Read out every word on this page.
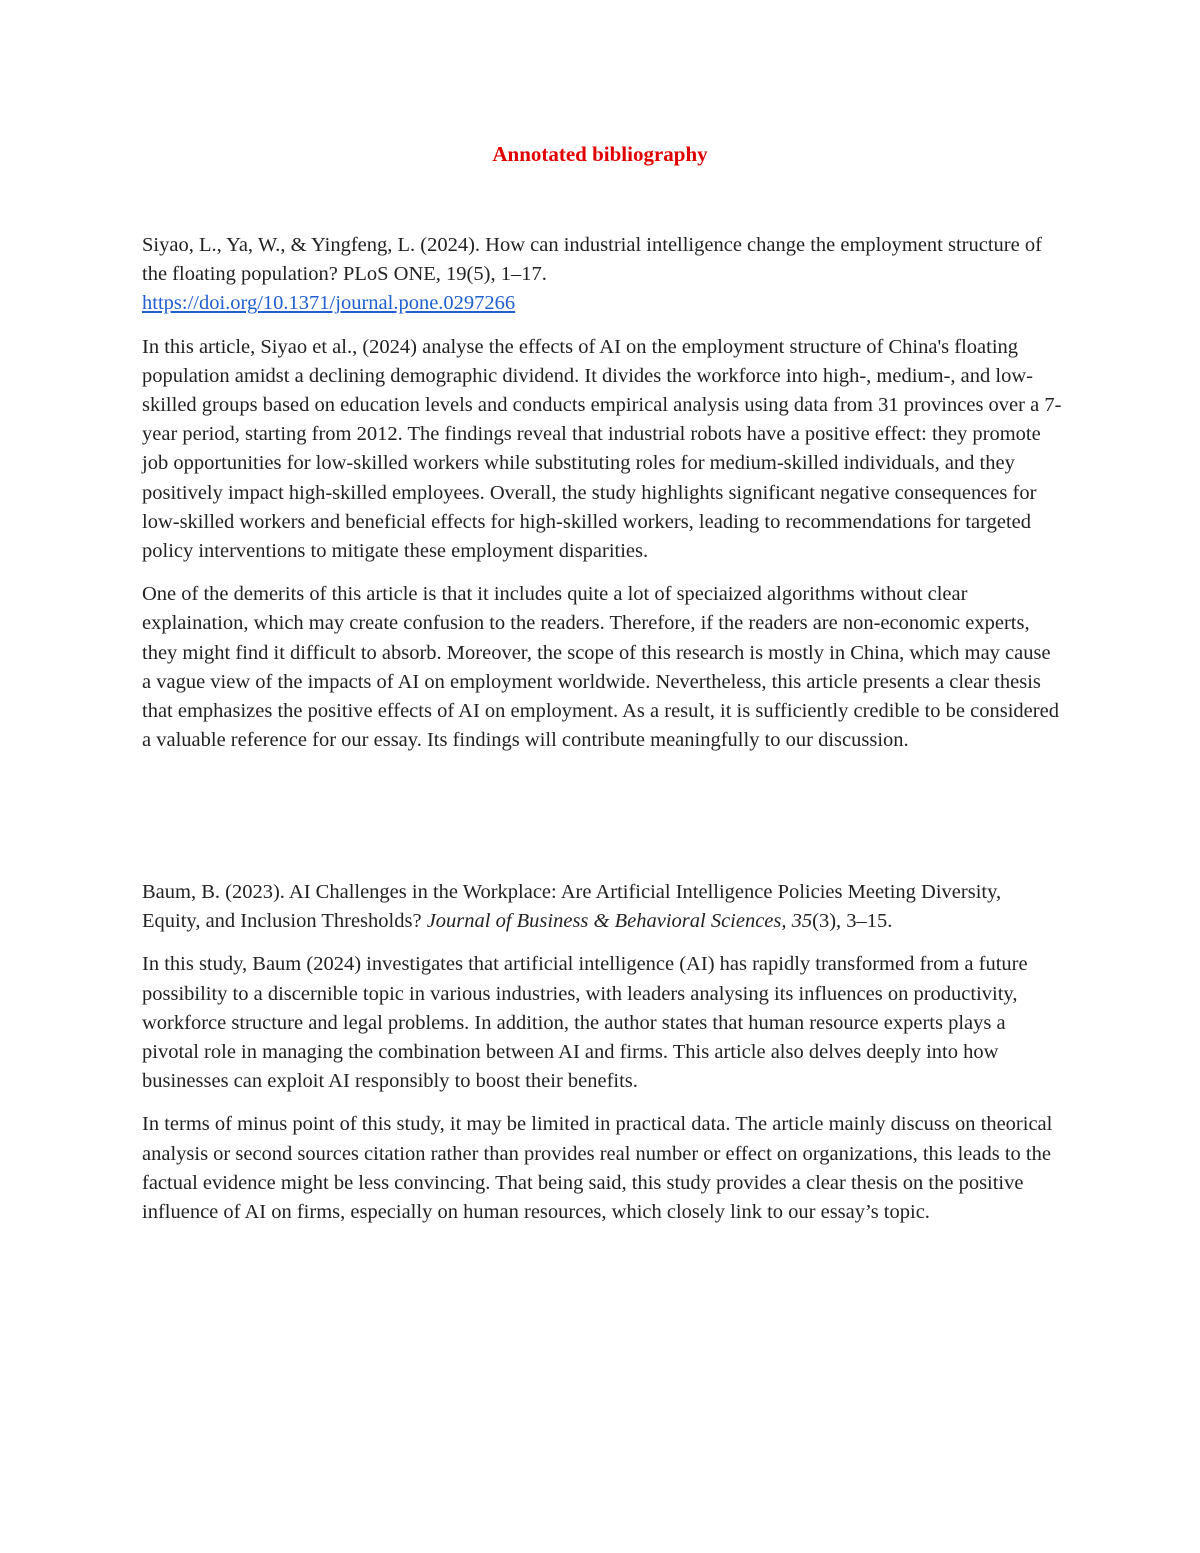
Annotated bibliography

Siyao, L., Ya, W., & Yingfeng, L. (2024). How can industrial intelligence change the employment structure of the floating population? PLoS ONE, 19(5), 1–17.
https://doi.org/10.1371/journal.pone.0297266

In this article, Siyao et al., (2024) analyse the effects of AI on the employment structure of China's floating population amidst a declining demographic dividend. It divides the workforce into high-, medium-, and low-skilled groups based on education levels and conducts empirical analysis using data from 31 provinces over a 7-year period, starting from 2012. The findings reveal that industrial robots have a positive effect: they promote job opportunities for low-skilled workers while substituting roles for medium-skilled individuals, and they positively impact high-skilled employees. Overall, the study highlights significant negative consequences for low-skilled workers and beneficial effects for high-skilled workers, leading to recommendations for targeted policy interventions to mitigate these employment disparities.

One of the demerits of this article is that it includes quite a lot of speciaized algorithms without clear explaination, which may create confusion to the readers. Therefore, if the readers are non-economic experts, they might find it difficult to absorb. Moreover, the scope of this research is mostly in China, which may cause a vague view of the impacts of AI on employment worldwide. Nevertheless, this article presents a clear thesis that emphasizes the positive effects of AI on employment. As a result, it is sufficiently credible to be considered a valuable reference for our essay. Its findings will contribute meaningfully to our discussion.

Baum, B. (2023). AI Challenges in the Workplace: Are Artificial Intelligence Policies Meeting Diversity, Equity, and Inclusion Thresholds? Journal of Business & Behavioral Sciences, 35(3), 3–15.

In this study, Baum (2024) investigates that artificial intelligence (AI) has rapidly transformed from a future possibility to a discernible topic in various industries, with leaders analysing its influences on productivity, workforce structure and legal problems. In addition, the author states that human resource experts plays a pivotal role in managing the combination between AI and firms. This article also delves deeply into how businesses can exploit AI responsibly to boost their benefits.

In terms of minus point of this study, it may be limited in practical data. The article mainly discuss on theorical analysis or second sources citation rather than provides real number or effect on organizations, this leads to the factual evidence might be less convincing. That being said, this study provides a clear thesis on the positive influence of AI on firms, especially on human resources, which closely link to our essay’s topic.
